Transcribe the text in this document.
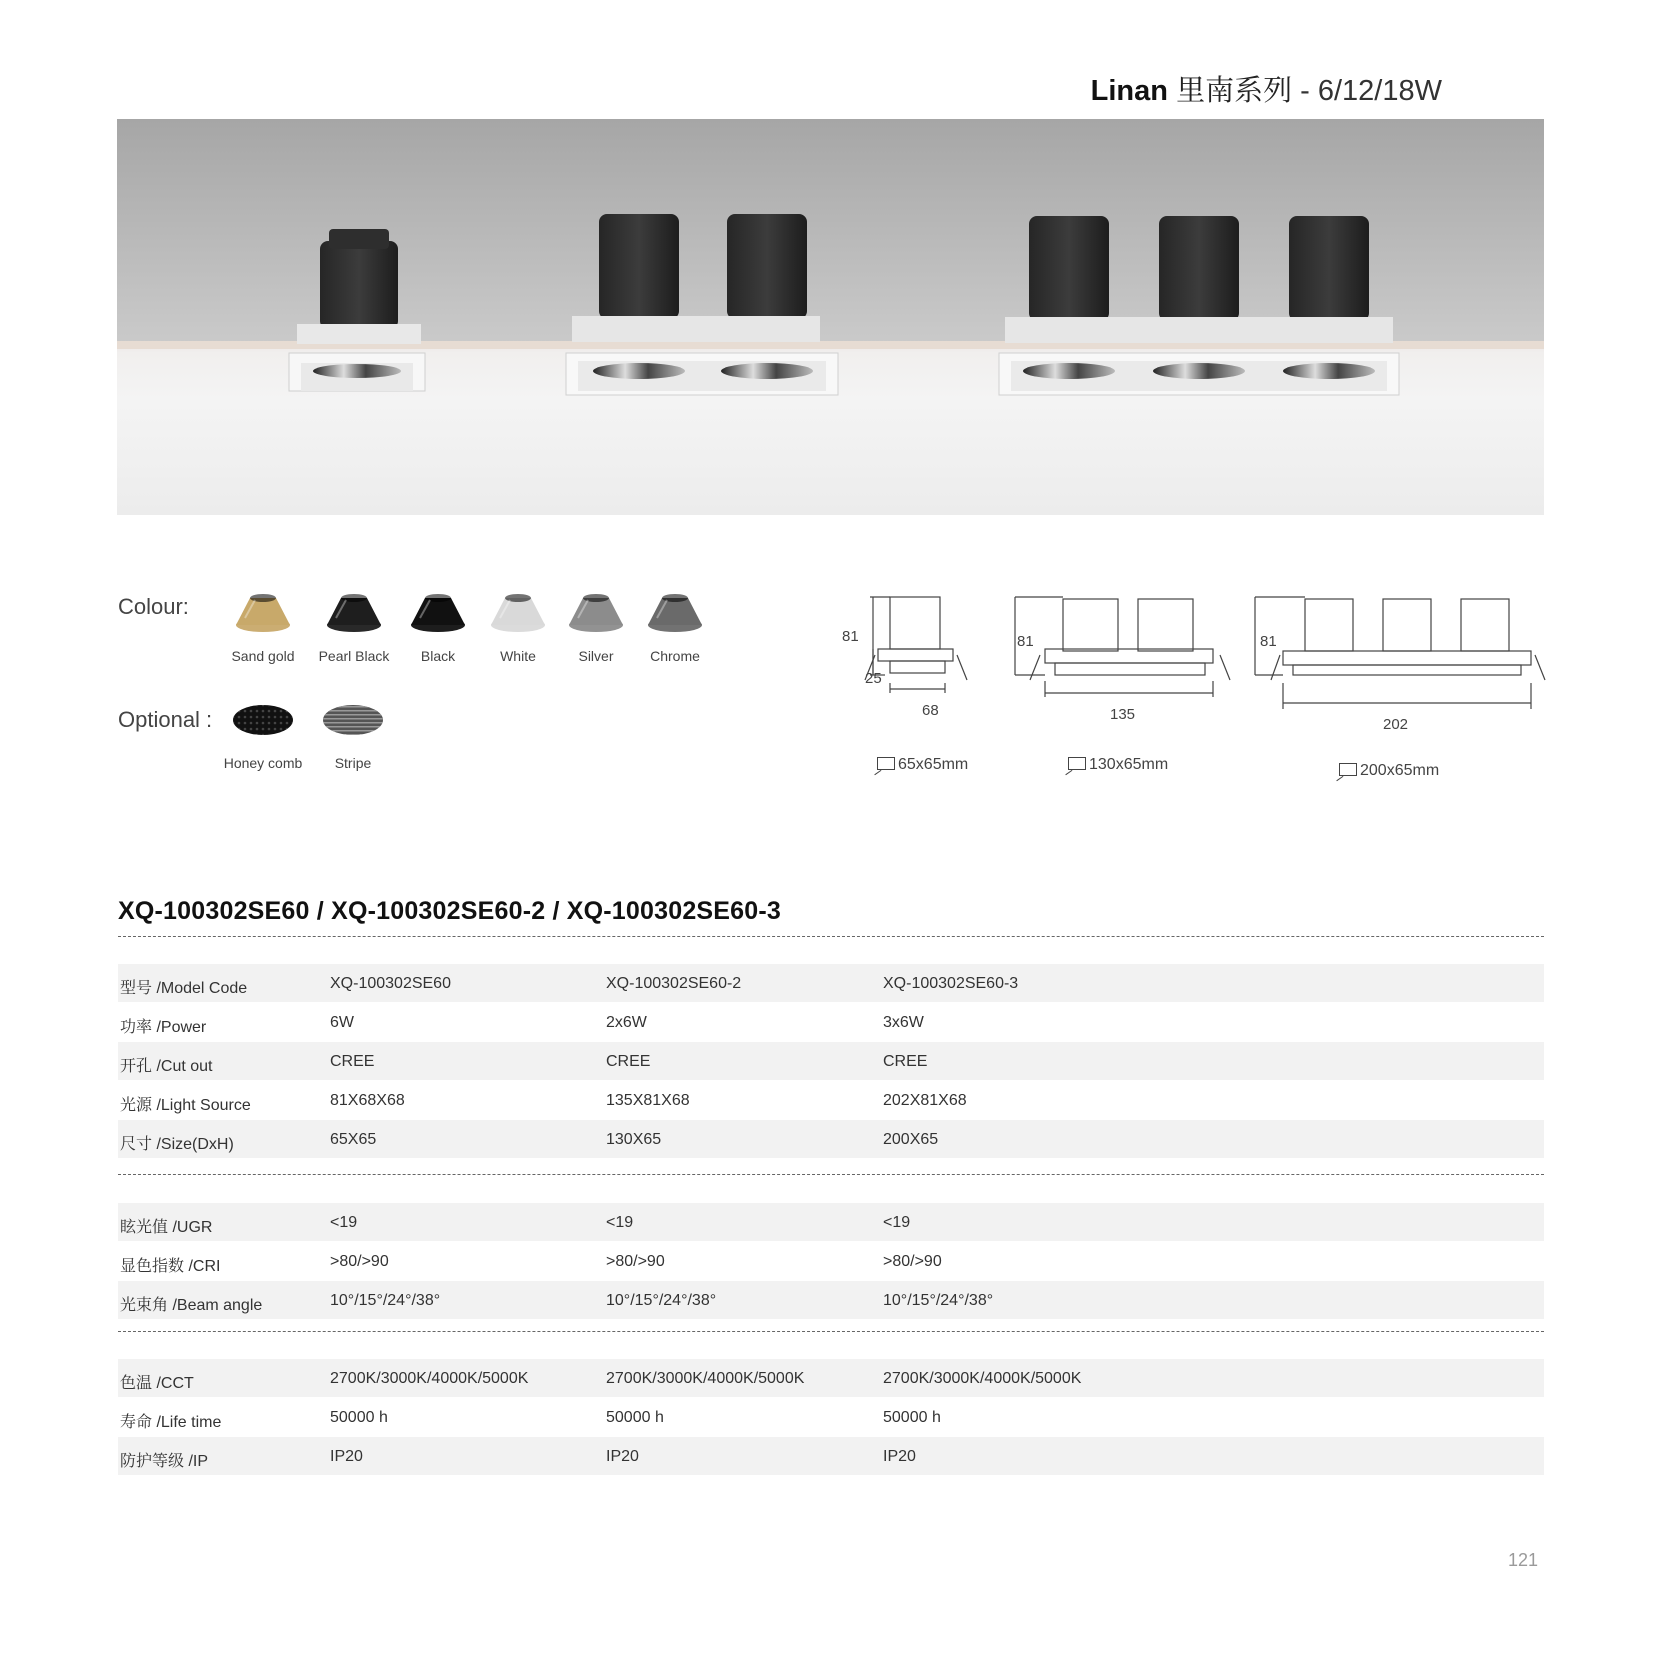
Linan 里南系列 - 6/12/18W
Colour:
Sand gold	Pearl Black	Black	White	Silver	Chrome
Optional :
Honey comb	Stripe
81
25
68
65x65mm
81
135
130x65mm
81
202
200x65mm
XQ-100302SE60 / XQ-100302SE60-2 / XQ-100302SE60-3
型号 /Model Code	XQ-100302SE60	XQ-100302SE60-2	XQ-100302SE60-3
功率 /Power	6W	2x6W	3x6W
开孔 /Cut out	CREE	CREE	CREE
光源 /Light Source	81X68X68	135X81X68	202X81X68
尺寸 /Size(DxH)	65X65	130X65	200X65
眩光值 /UGR	<19	<19	<19
显色指数 /CRI	>80/>90	>80/>90	>80/>90
光束角 /Beam angle	10°/15°/24°/38°	10°/15°/24°/38°	10°/15°/24°/38°
色温 /CCT	2700K/3000K/4000K/5000K	2700K/3000K/4000K/5000K	2700K/3000K/4000K/5000K
寿命 /Life time	50000 h	50000 h	50000 h
防护等级 /IP	IP20	IP20	IP20
121
